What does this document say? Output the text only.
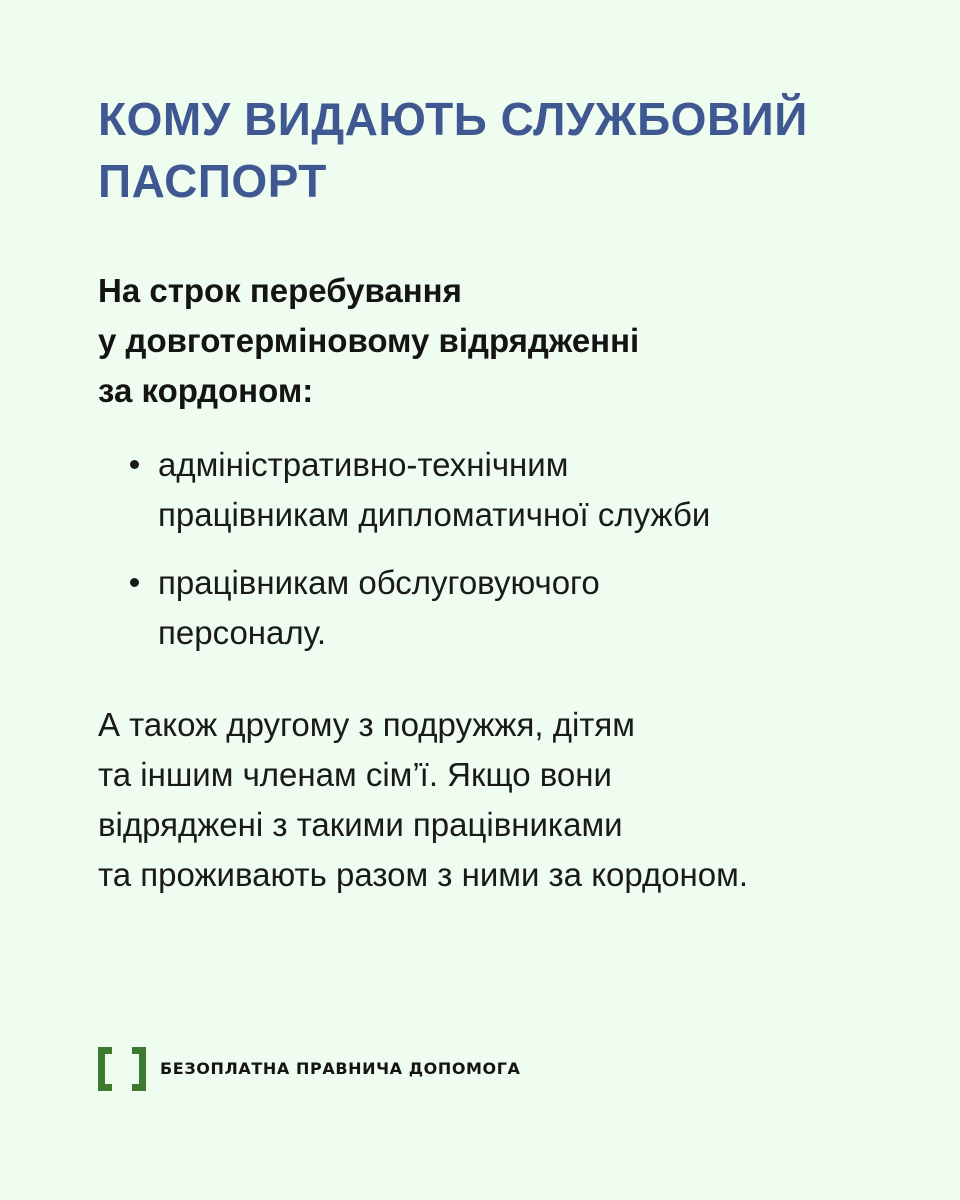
КОМУ ВИДАЮТЬ СЛУЖБОВИЙ
ПАСПОРТ

На строк перебування
у довготерміновому відрядженні
за кордоном:

адміністративно-технічним
працівникам дипломатичної служби
працівникам обслуговуючого
персоналу.

А також другому з подружжя, дітям
та іншим членам сім’ї. Якщо вони
відряджені з такими працівниками
та проживають разом з ними за кордоном.

БЕЗОПЛАТНА ПРАВНИЧА ДОПОМОГА
